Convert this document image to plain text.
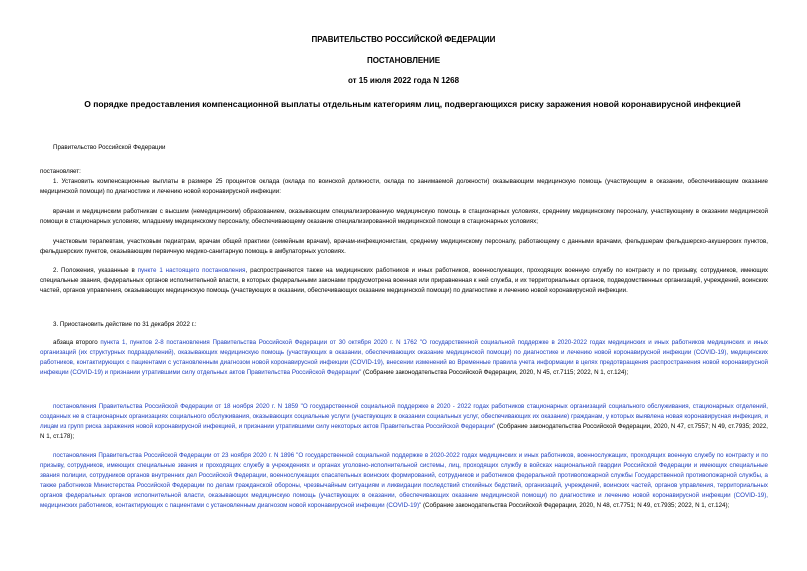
ПРАВИТЕЛЬСТВО РОССИЙСКОЙ ФЕДЕРАЦИИ
ПОСТАНОВЛЕНИЕ
от 15 июля 2022 года N 1268
О порядке предоставления компенсационной выплаты отдельным категориям лиц, подвергающихся риску заражения новой коронавирусной инфекцией
Правительство Российской Федерации
постановляет:
1. Установить компенсационные выплаты в размере 25 процентов оклада (оклада по воинской должности, оклада по занимаемой должности) оказывающим медицинскую помощь (участвующим в оказании, обеспечивающим оказание медицинской помощи) по диагностике и лечению новой коронавирусной инфекции:
врачам и медицинским работникам с высшим (немедицинским) образованием, оказывающим специализированную медицинскую помощь в стационарных условиях, среднему медицинскому персоналу, участвующему в оказании медицинской помощи в стационарных условиях, младшему медицинскому персоналу, обеспечивающему оказание специализированной медицинской помощи в стационарных условиях;
участковым терапевтам, участковым педиатрам, врачам общей практики (семейным врачам), врачам-инфекционистам, среднему медицинскому персоналу, работающему с данными врачами, фельдшерам фельдшерско-акушерских пунктов, фельдшерских пунктов, оказывающим первичную медико-санитарную помощь в амбулаторных условиях.
2. Положения, указанные в пункте 1 настоящего постановления, распространяются также на медицинских работников и иных работников, военнослужащих, проходящих военную службу по контракту и по призыву, сотрудников, имеющих специальные звания, федеральных органов исполнительной власти, в которых федеральными законами предусмотрена военная или приравненная к ней служба, и их территориальных органов, подведомственных организаций, учреждений, воинских частей, органов управления, оказывающих медицинскую помощь (участвующих в оказании, обеспечивающих оказание медицинской помощи) по диагностике и лечению новой коронавирусной инфекции.
3. Приостановить действие по 31 декабря 2022 г.:
абзаца второго пункта 1, пунктов 2-8 постановления Правительства Российской Федерации от 30 октября 2020 г. N 1762 "О государственной социальной поддержке в 2020-2022 годах медицинских и иных работников медицинских и иных организаций (их структурных подразделений), оказывающих медицинскую помощь (участвующих в оказании, обеспечивающих оказание медицинской помощи) по диагностике и лечению новой коронавирусной инфекции (COVID-19), медицинских работников, контактирующих с пациентами с установленным диагнозом новой коронавирусной инфекции (COVID-19), внесении изменений во Временные правила учета информации в целях предотвращения распространения новой коронавирусной инфекции (COVID-19) и признании утратившими силу отдельных актов Правительства Российской Федерации" (Собрание законодательства Российской Федерации, 2020, N 45, ст.7115; 2022, N 1, ст.124);
постановления Правительства Российской Федерации от 18 ноября 2020 г. N 1859 "О государственной социальной поддержке в 2020 - 2022 годах работников стационарных организаций социального обслуживания, стационарных отделений, созданных не в стационарных организациях социального обслуживания, оказывающих социальные услуги (участвующих в оказании социальных услуг, обеспечивающих их оказание) гражданам, у которых выявлена новая коронавирусная инфекция, и лицам из групп риска заражения новой коронавирусной инфекцией, и признании утратившими силу некоторых актов Правительства Российской Федерации" (Собрание законодательства Российской Федерации, 2020, N 47, ст.7557; N 49, ст.7935; 2022, N 1, ст.178);
постановления Правительства Российской Федерации от 23 ноября 2020 г. N 1896 "О государственной социальной поддержке в 2020-2022 годах медицинских и иных работников, военнослужащих, проходящих военную службу по контракту и по призыву, сотрудников, имеющих специальные звания и проходящих службу в учреждениях и органах уголовно-исполнительной системы, лиц, проходящих службу в войсках национальной гвардии Российской Федерации и имеющих специальные звания полиции, сотрудников органов внутренних дел Российской Федерации, военнослужащих спасательных воинских формирований, сотрудников и работников федеральной противопожарной службы Государственной противопожарной службы, а также работников Министерства Российской Федерации по делам гражданской обороны, чрезвычайным ситуациям и ликвидации последствий стихийных бедствий, организаций, учреждений, воинских частей, органов управления, территориальных органов федеральных органов исполнительной власти, оказывающих медицинскую помощь (участвующих в оказании, обеспечивающих оказание медицинской помощи) по диагностике и лечению новой коронавирусной инфекции (COVID-19), медицинских работников, контактирующих с пациентами с установленным диагнозом новой коронавирусной инфекции (COVID-19)" (Собрание законодательства Российской Федерации, 2020, N 48, ст.7751; N 49, ст.7935; 2022, N 1, ст.124);
